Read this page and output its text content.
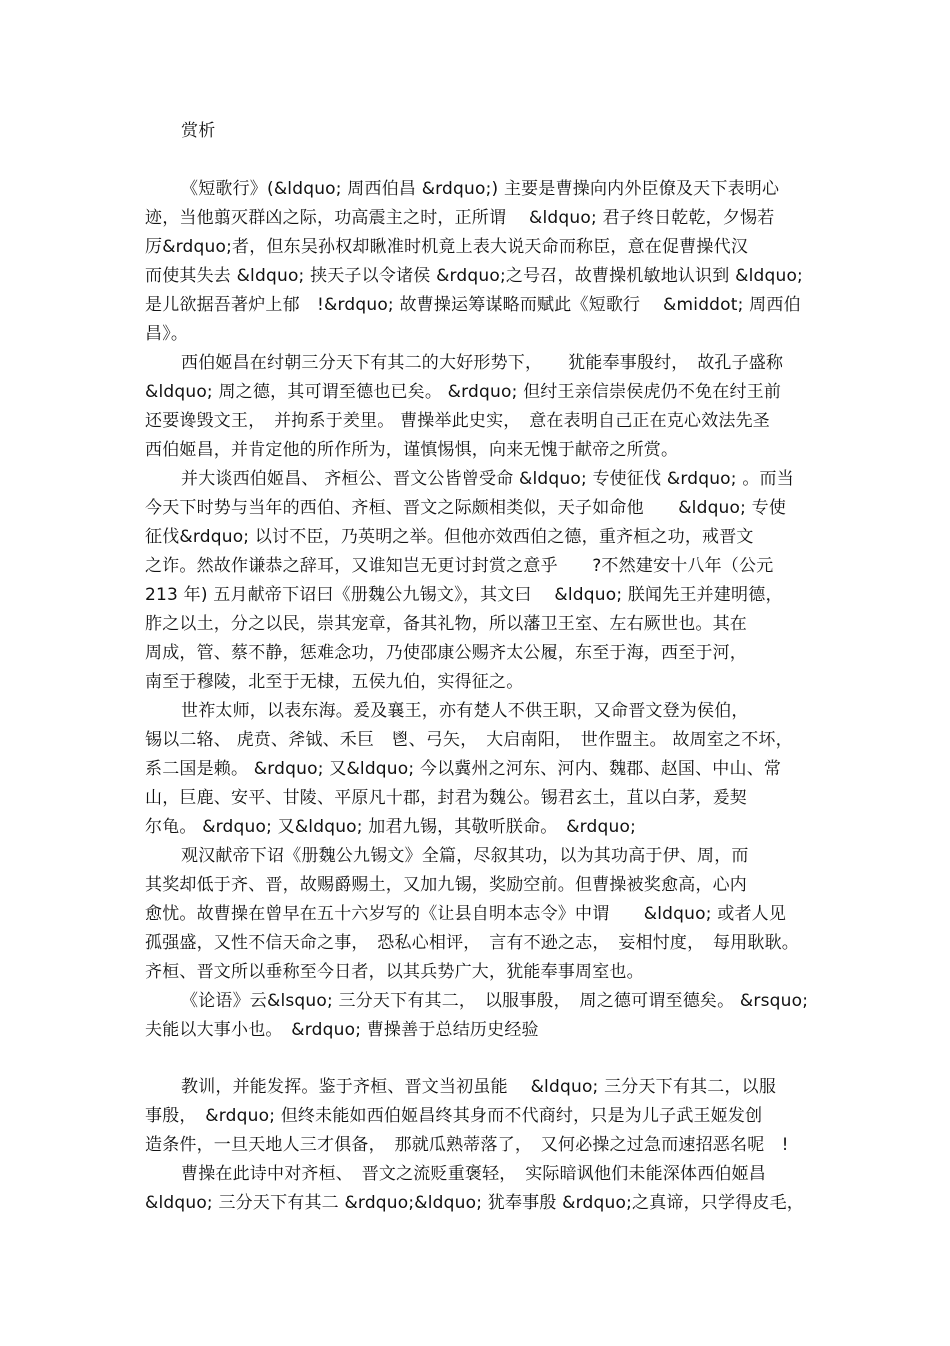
赏析
《短歌行》(&ldquo; 周西伯昌 &rdquo;) 主要是曹操向内外臣僚及天下表明心
迹，当他翦灭群凶之际，功高震主之时，正所谓　 &ldquo; 君子终日乾乾，夕惕若
厉&rdquo;者，但东吴孙权却瞅准时机竟上表大说天命而称臣，意在促曹操代汉
而使其失去 &ldquo; 挟天子以令诸侯 &rdquo;之号召，故曹操机敏地认识到 &ldquo;
是儿欲据吾著炉上郁　!&rdquo; 故曹操运筹谋略而赋此《短歌行　 &middot; 周西伯
昌》。
西伯姬昌在纣朝三分天下有其二的大好形势下，　　犹能奉事殷纣，　故孔子盛称
&ldquo; 周之德，其可谓至德也已矣。 &rdquo; 但纣王亲信崇侯虎仍不免在纣王前
还要谗毁文王，　并拘系于羑里。 曹操举此史实，　意在表明自己正在克心效法先圣
西伯姬昌，并肯定他的所作所为，谨慎惕惧，向来无愧于献帝之所赏。
并大谈西伯姬昌、 齐桓公、晋文公皆曾受命 &ldquo; 专使征伐 &rdquo; 。而当
今天下时势与当年的西伯、齐桓、晋文之际颇相类似，天子如命他　　&ldquo; 专使
征伐&rdquo; 以讨不臣，乃英明之举。但他亦效西伯之德，重齐桓之功，戒晋文
之诈。然故作谦恭之辞耳，又谁知岂无更讨封赏之意乎　　?不然建安十八年（公元
213 年) 五月献帝下诏曰《册魏公九锡文》，其文曰　 &ldquo; 朕闻先王并建明德，
胙之以土，分之以民，崇其宠章，备其礼物，所以藩卫王室、左右厥世也。其在
周成，管、蔡不静，惩难念功，乃使邵康公赐齐太公履，东至于海，西至于河，
南至于穆陵，北至于无棣，五侯九伯，实得征之。
世祚太师，以表东海。爰及襄王，亦有楚人不供王职，又命晋文登为侯伯，
锡以二辂、 虎贲、斧钺、禾巨　鬯、弓矢，　大启南阳，　世作盟主。 故周室之不坏，
系二国是赖。 &rdquo; 又&ldquo; 今以冀州之河东、河内、魏郡、赵国、中山、常
山，巨鹿、安平、甘陵、平原凡十郡，封君为魏公。锡君玄土，苴以白茅，爰契
尔龟。 &rdquo; 又&ldquo; 加君九锡，其敬听朕命。　&rdquo;
观汉献帝下诏《册魏公九锡文》全篇，尽叙其功，以为其功高于伊、周，而
其奖却低于齐、晋，故赐爵赐土，又加九锡，奖励空前。但曹操被奖愈高，心内
愈忧。故曹操在曾早在五十六岁写的《让县自明本志令》中谓　　&ldquo; 或者人见
孤强盛，又性不信天命之事，　恐私心相评，　言有不逊之志，　妄相忖度，　每用耿耿。
齐桓、晋文所以垂称至今日者，以其兵势广大，犹能奉事周室也。
《论语》云&lsquo; 三分天下有其二，　以服事殷，　周之德可谓至德矣。 &rsquo;
夫能以大事小也。　&rdquo; 曹操善于总结历史经验
教训，并能发挥。鉴于齐桓、晋文当初虽能　 &ldquo; 三分天下有其二，以服
事殷，　&rdquo; 但终未能如西伯姬昌终其身而不代商纣，只是为儿子武王姬发创
造条件，一旦天地人三才俱备，　那就瓜熟蒂落了，　又何必操之过急而速招恶名呢　!
曹操在此诗中对齐桓、　晋文之流贬重褒轻，　实际暗讽他们未能深体西伯姬昌
&ldquo; 三分天下有其二 &rdquo;&ldquo; 犹奉事殷 &rdquo;之真谛，只学得皮毛，
